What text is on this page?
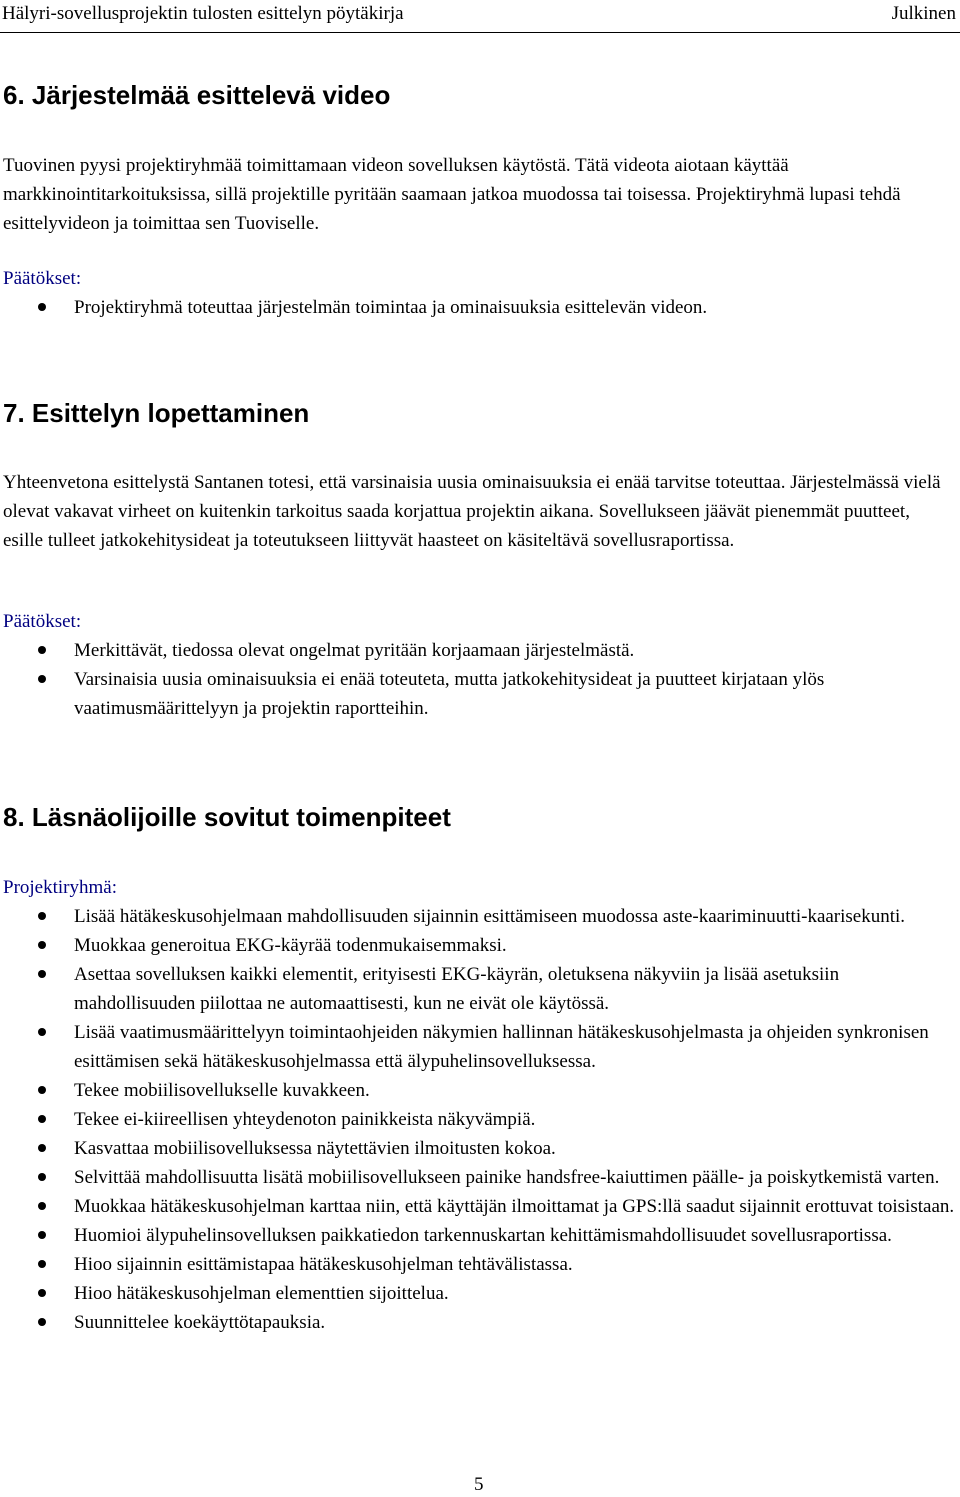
Hälyri-sovellusprojektin tulosten esittelyn pöytäkirja	Julkinen
6. Järjestelmää esittelevä video

Tuovinen pyysi projektiryhmää toimittamaan videon sovelluksen käytöstä. Tätä videota aiotaan käyttää markkinointitarkoituksissa, sillä projektille pyritään saamaan jatkoa muodossa tai toisessa. Projektiryhmä lupasi tehdä esittelyvideon ja toimittaa sen Tuoviselle.

Päätökset:
Projektiryhmä toteuttaa järjestelmän toimintaa ja ominaisuuksia esittelevän videon.
7. Esittelyn lopettaminen

Yhteenvetona esittelystä Santanen totesi, että varsinaisia uusia ominaisuuksia ei enää tarvitse toteuttaa. Järjestelmässä vielä olevat vakavat virheet on kuitenkin tarkoitus saada korjattua projektin aikana. Sovellukseen jäävät pienemmät puutteet, esille tulleet jatkokehitysideat ja toteutukseen liittyvät haasteet on käsiteltävä sovellusraportissa.

Päätökset:
Merkittävät, tiedossa olevat ongelmat pyritään korjaamaan järjestelmästä.
Varsinaisia uusia ominaisuuksia ei enää toteuteta, mutta jatkokehitysideat ja puutteet kirjataan ylös vaatimusmäärittelyyn ja projektin raportteihin.
8. Läsnäolijoille sovitut toimenpiteet
Projektiryhmä:
Lisää hätäkeskusohjelmaan mahdollisuuden sijainnin esittämiseen muodossa aste-kaariminuutti-kaarisekunti.
Muokkaa generoitua EKG-käyrää todenmukaisemmaksi.
Asettaa sovelluksen kaikki elementit, erityisesti EKG-käyrän, oletuksena näkyviin ja lisää asetuksiin mahdollisuuden piilottaa ne automaattisesti, kun ne eivät ole käytössä.
Lisää vaatimusmäärittelyyn toimintaohjeiden näkymien hallinnan hätäkeskusohjelmasta ja ohjeiden synkronisen esittämisen sekä hätäkeskusohjelmassa että älypuhelinsovelluksessa.
Tekee mobiilisovellukselle kuvakkeen.
Tekee ei-kiireellisen yhteydenoton painikkeista näkyvämpiä.
Kasvattaa mobiilisovelluksessa näytettävien ilmoitusten kokoa.
Selvittää mahdollisuutta lisätä mobiilisovellukseen painike handsfree-kaiuttimen päälle- ja poiskytkemistä varten.
Muokkaa hätäkeskusohjelman karttaa niin, että käyttäjän ilmoittamat ja GPS:llä saadut sijainnit erottuvat toisistaan.
Huomioi älypuhelinsovelluksen paikkatiedon tarkennuskartan kehittämismahdollisuudet sovellusraportissa.
Hioo sijainnin esittämistapaa hätäkeskusohjelman tehtävälistassa.
Hioo hätäkeskusohjelman elementtien sijoittelua.
Suunnittelee koekäyttötapauksia.
5
